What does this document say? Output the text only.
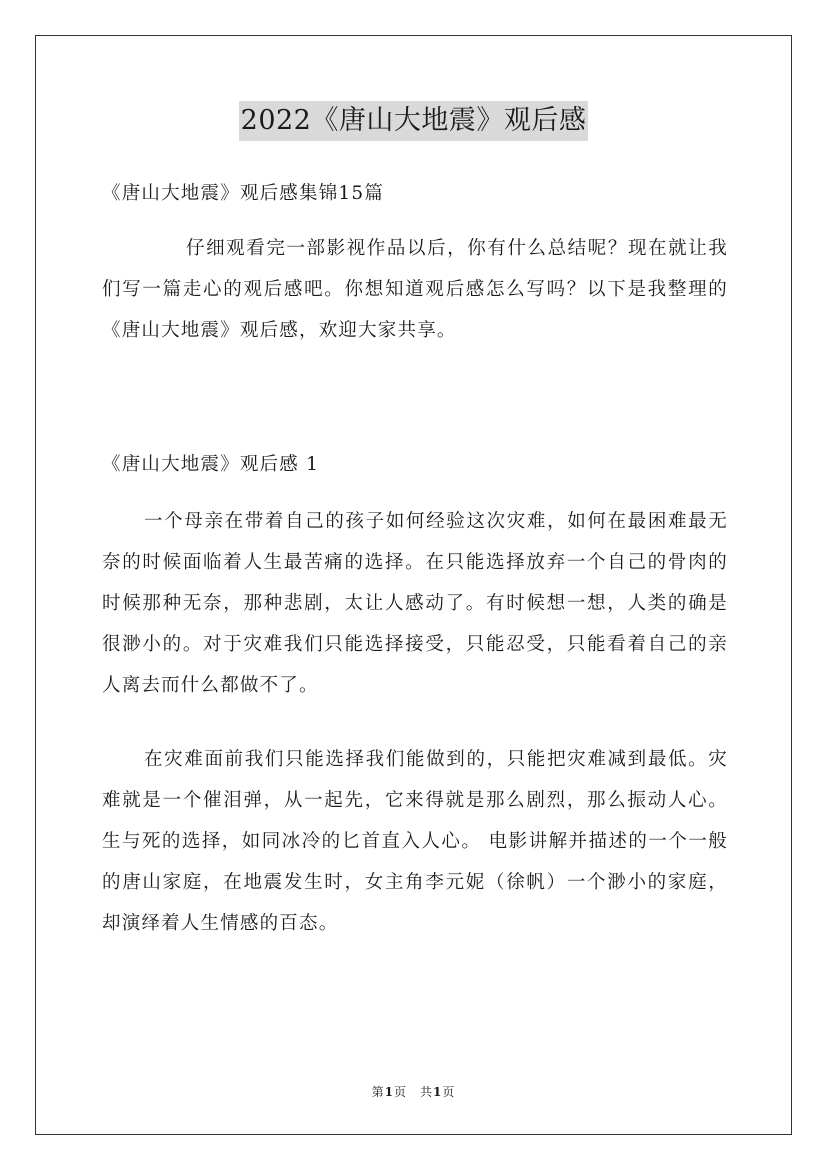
2022《唐山大地震》观后感

《唐山大地震》观后感集锦15篇

仔细观看完一部影视作品以后，你有什么总结呢？现在就让我们写一篇走心的观后感吧。你想知道观后感怎么写吗？以下是我整理的《唐山大地震》观后感，欢迎大家共享。

《唐山大地震》观后感 1

一个母亲在带着自己的孩子如何经验这次灾难，如何在最困难最无奈的时候面临着人生最苦痛的选择。在只能选择放弃一个自己的骨肉的时候那种无奈，那种悲剧，太让人感动了。有时候想一想，人类的确是很渺小的。对于灾难我们只能选择接受，只能忍受，只能看着自己的亲人离去而什么都做不了。

在灾难面前我们只能选择我们能做到的，只能把灾难减到最低。灾难就是一个催泪弹，从一起先，它来得就是那么剧烈，那么振动人心。生与死的选择，如同冰冷的匕首直入人心。 电影讲解并描述的一个一般的唐山家庭，在地震发生时，女主角李元妮（徐帆）一个渺小的家庭，却演绎着人生情感的百态。

第1页　共1页
